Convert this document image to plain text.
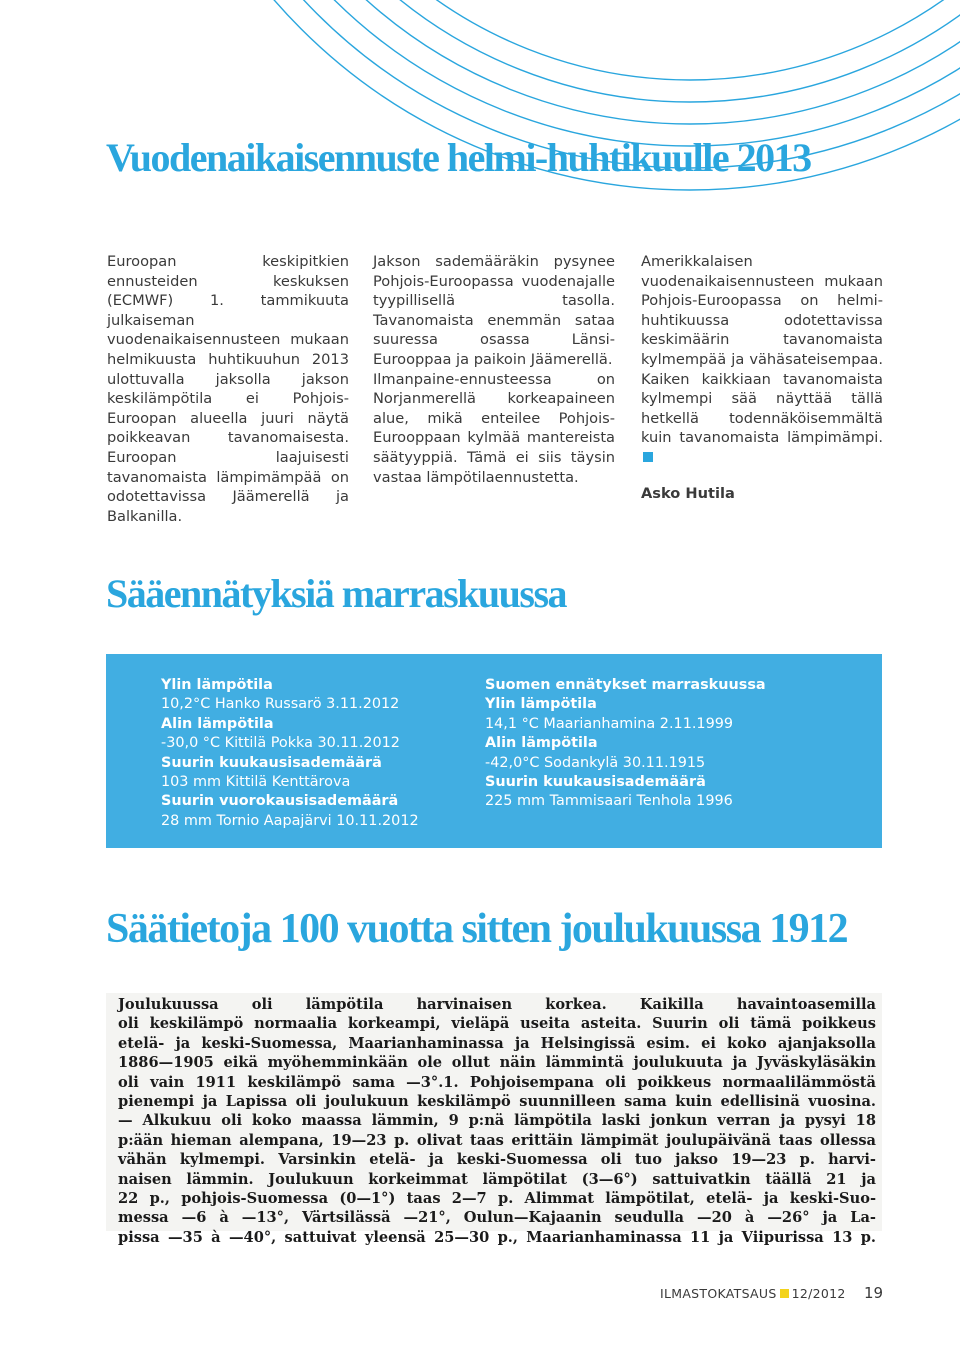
Vuodenaikaisennuste helmi-huhtikuulle 2013

Euroopan keskipitkien ennusteiden keskuksen (ECMWF) 1. tammikuuta julkaiseman vuodenaikaisennusteen mukaan helmikuusta huhtikuuhun 2013 ulottuvalla jaksolla jakson keskilämpötila ei Pohjois-Euroopan alueella juuri näytä poikkeavan tavanomaisesta. Euroopan laajuisesti tavanomaista lämpimämpää on odotettavissa Jäämerellä ja Balkanilla.

Jakson sademääräkin pysynee Pohjois-Euroopassa vuodenajalle tyypillisellä tasolla. Tavanomaista enemmän sataa suuressa osassa Länsi-Eurooppaa ja paikoin Jäämerellä.

Ilmanpaine-ennusteessa on Norjanmerellä korkeapaineen alue, mikä enteilee Pohjois-Eurooppaan kylmää mantereista säätyyppiä. Tämä ei siis täysin vastaa lämpötilaennustetta.

Amerikkalaisen vuodenaikaisennusteen mukaan Pohjois-Euroopassa on helmi-huhtikuussa odotettavissa keskimäärin tavanomaista kylmempää ja vähäsateisempaa. Kaiken kaikkiaan tavanomaista kylmempi sää näyttää tällä hetkellä todennäköisemmältä kuin tavanomaista lämpimämpi.

Asko Hutila

Sääennätyksiä marraskuussa
Ylin lämpötila
10,2°C Hanko Russarö 3.11.2012
Alin lämpötila
-30,0 °C Kittilä Pokka 30.11.2012
Suurin kuukausisademäärä
103 mm Kittilä Kenttärova
Suurin vuorokausisademäärä
28 mm Tornio Aapajärvi 10.11.2012
Suomen ennätykset marraskuussa
Ylin lämpötila
14,1 °C Maarianhamina 2.11.1999
Alin lämpötila
-42,0°C Sodankylä 30.11.1915
Suurin kuukausisademäärä
225 mm Tammisaari Tenhola 1996
Säätietoja 100 vuotta sitten joulukuussa 1912
Joulukuussa oli lämpötila harvinaisen korkea. Kaikilla havaintoasemilla
oli keskilämpö normaalia korkeampi, vieläpä useita asteita. Suurin oli tämä poikkeus
etelä- ja keski-Suomessa, Maarianhaminassa ja Helsingissä esim. ei koko ajanjaksolla
1886—1905 eikä myöhemminkään ole ollut näin lämmintä joulukuuta ja Jyväskyläsäkin
oli vain 1911 keskilämpö sama —3°.1. Pohjoisempana oli poikkeus normaalilämmöstä
pienempi ja Lapissa oli joulukuun keskilämpö suunnilleen sama kuin edellisinä vuosina.
— Alkukuu oli koko maassa lämmin, 9 p:nä lämpötila laski jonkun verran ja pysyi 18
p:ään hieman alempana, 19—23 p. olivat taas erittäin lämpimät joulupäivänä taas ollessa
vähän kylmempi. Varsinkin etelä- ja keski-Suomessa oli tuo jakso 19—23 p. harvi-
naisen lämmin. Joulukuun korkeimmat lämpötilat (3—6°) sattuivatkin täällä 21 ja
22 p., pohjois-Suomessa (0—1°) taas 2—7 p. Alimmat lämpötilat, etelä- ja keski-Suo-
messa —6 à —13°, Värtsilässä —21°, Oulun—Kajaanin seudulla —20 à —26° ja La-
pissa —35 à —40°, sattuivat yleensä 25—30 p., Maarianhaminassa 11 ja Viipurissa 13 p.
ILMASTOKATSAUS 12/2012 19
